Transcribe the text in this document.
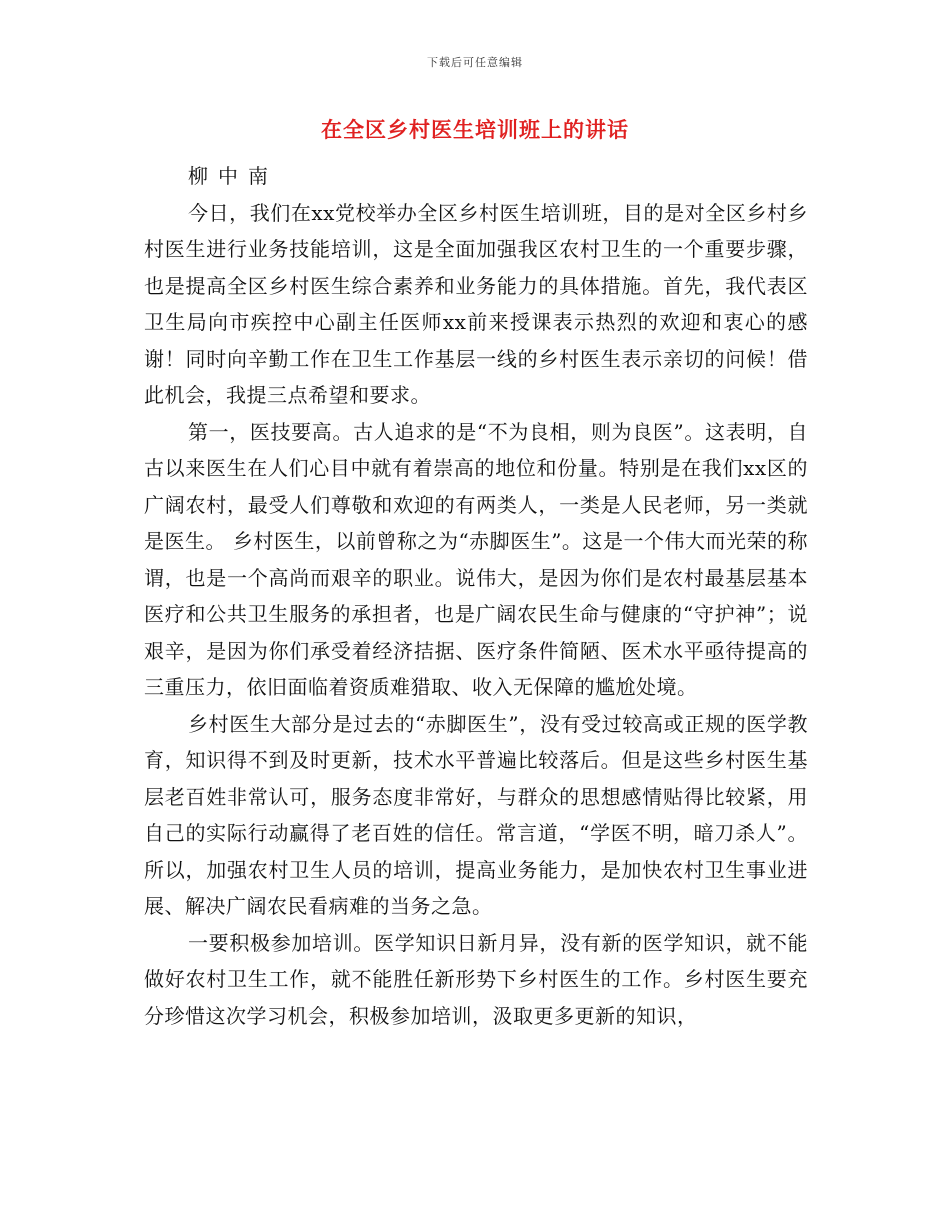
下载后可任意编辑
在全区乡村医生培训班上的讲话

柳中南

今日，我们在xx党校举办全区乡村医生培训班，目的是对全区乡村乡村医生进行业务技能培训，这是全面加强我区农村卫生的一个重要步骤，也是提高全区乡村医生综合素养和业务能力的具体措施。首先，我代表区卫生局向市疾控中心副主任医师xx前来授课表示热烈的欢迎和衷心的感谢！同时向辛勤工作在卫生工作基层一线的乡村医生表示亲切的问候！借此机会，我提三点希望和要求。

第一，医技要高。古人追求的是“不为良相，则为良医”。这表明，自古以来医生在人们心目中就有着崇高的地位和份量。特别是在我们xx区的广阔农村，最受人们尊敬和欢迎的有两类人，一类是人民老师，另一类就是医生。 乡村医生，以前曾称之为“赤脚医生”。这是一个伟大而光荣的称谓，也是一个高尚而艰辛的职业。说伟大，是因为你们是农村最基层基本医疗和公共卫生服务的承担者，也是广阔农民生命与健康的“守护神”；说艰辛，是因为你们承受着经济拮据、医疗条件简陋、医术水平亟待提高的三重压力，依旧面临着资质难猎取、收入无保障的尴尬处境。

乡村医生大部分是过去的“赤脚医生”，没有受过较高或正规的医学教育，知识得不到及时更新，技术水平普遍比较落后。但是这些乡村医生基层老百姓非常认可，服务态度非常好，与群众的思想感情贴得比较紧，用自己的实际行动赢得了老百姓的信任。常言道，“学医不明，暗刀杀人”。所以，加强农村卫生人员的培训，提高业务能力，是加快农村卫生事业进展、解决广阔农民看病难的当务之急。

一要积极参加培训。医学知识日新月异，没有新的医学知识，就不能做好农村卫生工作，就不能胜任新形势下乡村医生的工作。乡村医生要充分珍惜这次学习机会，积极参加培训，汲取更多更新的知识，
